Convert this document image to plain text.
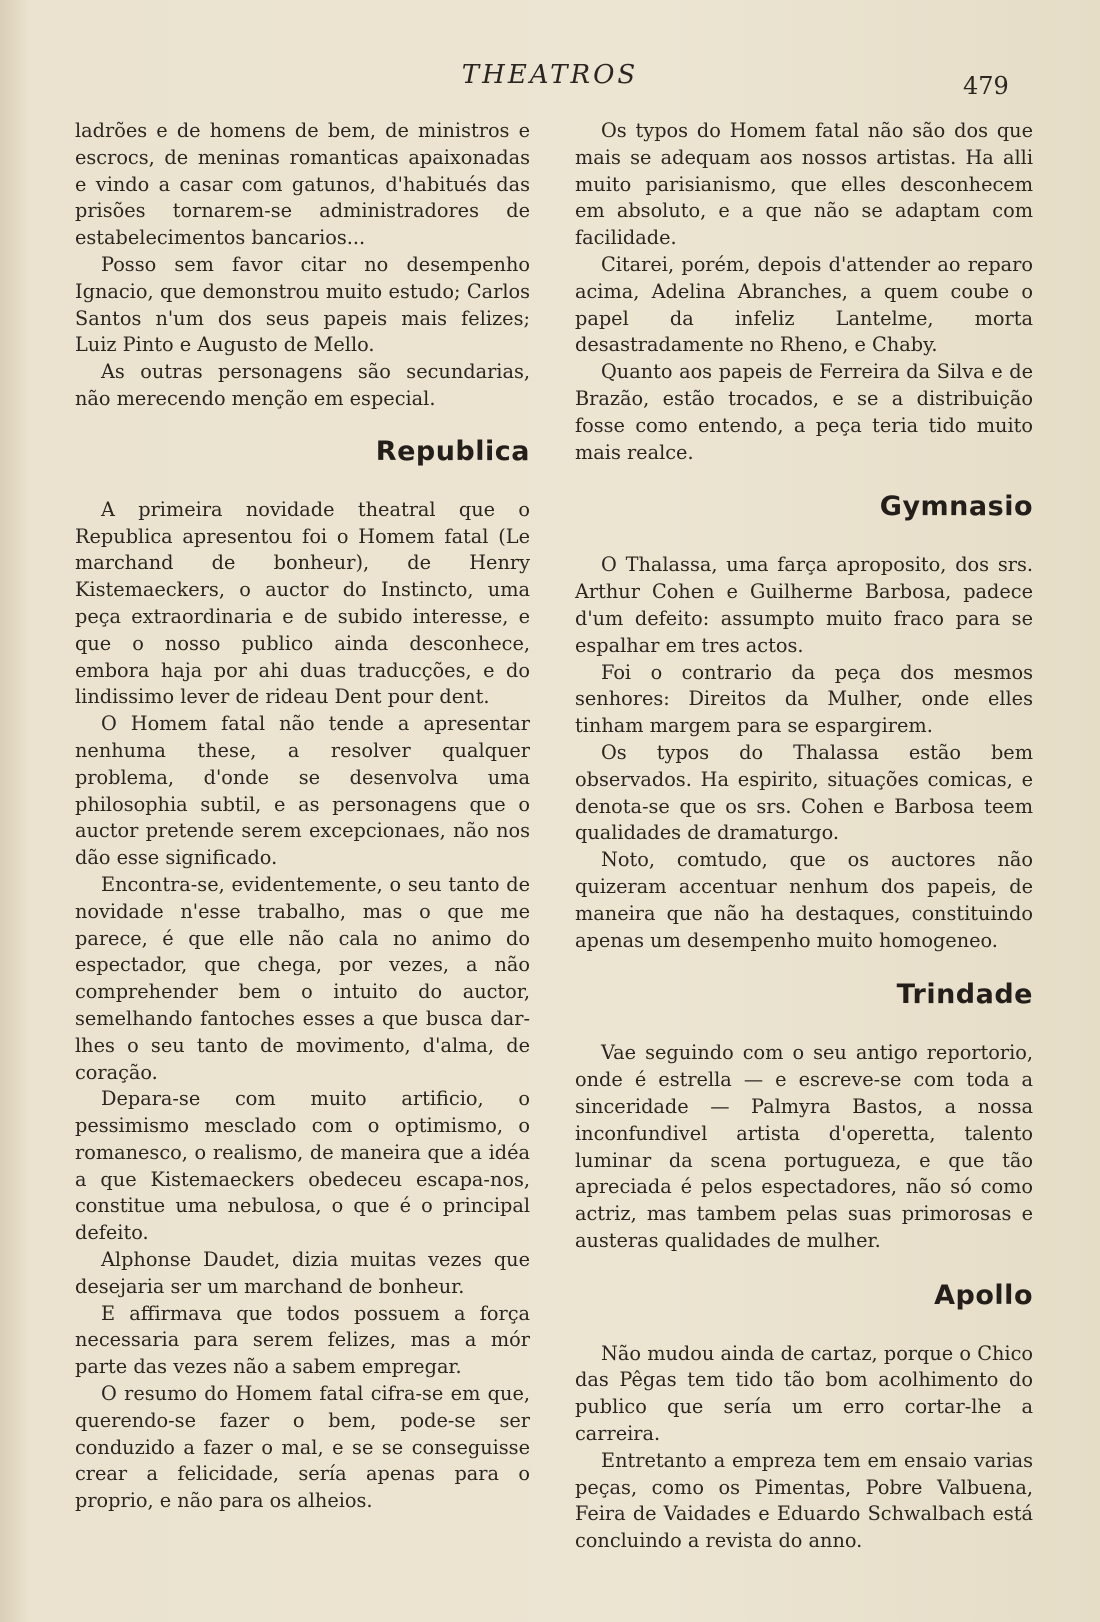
THEATROS	479

ladrões e de homens de bem, de ministros e escrocs, de meninas romanticas apaixonadas e vindo a casar com gatunos, d'habitués das prisões tornarem-se administradores de estabelecimentos bancarios...

Posso sem favor citar no desempenho Ignacio, que demonstrou muito estudo; Carlos Santos n'um dos seus papeis mais felizes; Luiz Pinto e Augusto de Mello.

As outras personagens são secundarias, não merecendo menção em especial.

Republica

A primeira novidade theatral que o Republica apresentou foi o Homem fatal (Le marchand de bonheur), de Henry Kistemaeckers, o auctor do Instincto, uma peça extraordinaria e de subido interesse, e que o nosso publico ainda desconhece, embora haja por ahi duas traducções, e do lindissimo lever de rideau Dent pour dent.

O Homem fatal não tende a apresentar nenhuma these, a resolver qualquer problema, d'onde se desenvolva uma philosophia subtil, e as personagens que o auctor pretende serem excepcionaes, não nos dão esse significado.

Encontra-se, evidentemente, o seu tanto de novidade n'esse trabalho, mas o que me parece, é que elle não cala no animo do espectador, que chega, por vezes, a não comprehender bem o intuito do auctor, semelhando fantoches esses a que busca dar-lhes o seu tanto de movimento, d'alma, de coração.

Depara-se com muito artificio, o pessimismo mesclado com o optimismo, o romanesco, o realismo, de maneira que a idéa a que Kistemaeckers obedeceu escapa-nos, constitue uma nebulosa, o que é o principal defeito.

Alphonse Daudet, dizia muitas vezes que desejaria ser um marchand de bonheur.

E affirmava que todos possuem a força necessaria para serem felizes, mas a mór parte das vezes não a sabem empregar.

O resumo do Homem fatal cifra-se em que, querendo-se fazer o bem, pode-se ser conduzido a fazer o mal, e se se conseguisse crear a felicidade, sería apenas para o proprio, e não para os alheios.

Os typos do Homem fatal não são dos que mais se adequam aos nossos artistas. Ha alli muito parisianismo, que elles desconhecem em absoluto, e a que não se adaptam com facilidade.

Citarei, porém, depois d'attender ao reparo acima, Adelina Abranches, a quem coube o papel da infeliz Lantelme, morta desastradamente no Rheno, e Chaby.

Quanto aos papeis de Ferreira da Silva e de Brazão, estão trocados, e se a distribuição fosse como entendo, a peça teria tido muito mais realce.

Gymnasio

O Thalassa, uma farça aproposito, dos srs. Arthur Cohen e Guilherme Barbosa, padece d'um defeito: assumpto muito fraco para se espalhar em tres actos.

Foi o contrario da peça dos mesmos senhores: Direitos da Mulher, onde elles tinham margem para se espargirem.

Os typos do Thalassa estão bem observados. Ha espirito, situações comicas, e denota-se que os srs. Cohen e Barbosa teem qualidades de dramaturgo.

Noto, comtudo, que os auctores não quizeram accentuar nenhum dos papeis, de maneira que não ha destaques, constituindo apenas um desempenho muito homogeneo.

Trindade

Vae seguindo com o seu antigo reportorio, onde é estrella — e escreve-se com toda a sinceridade — Palmyra Bastos, a nossa inconfundivel artista d'operetta, talento luminar da scena portugueza, e que tão apreciada é pelos espectadores, não só como actriz, mas tambem pelas suas primorosas e austeras qualidades de mulher.

Apollo

Não mudou ainda de cartaz, porque o Chico das Pêgas tem tido tão bom acolhimento do publico que sería um erro cortar-lhe a carreira.

Entretanto a empreza tem em ensaio varias peças, como os Pimentas, Pobre Valbuena, Feira de Vaidades e Eduardo Schwalbach está concluindo a revista do anno.
